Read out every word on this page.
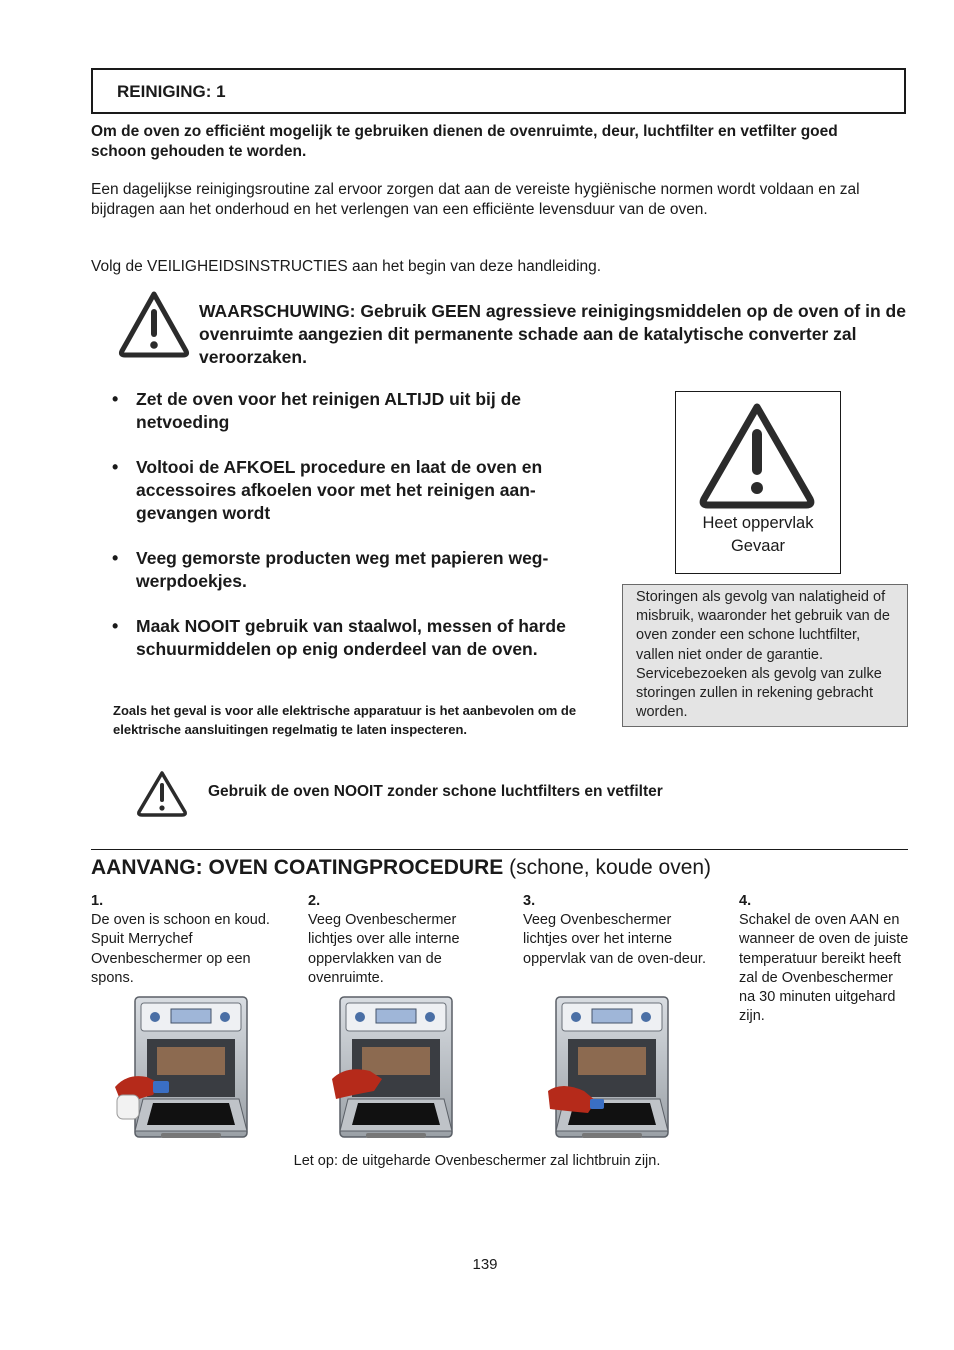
REINIGING: 1
Om de oven zo efficiënt mogelijk te gebruiken dienen de ovenruimte, deur, luchtfilter en vetfilter goed schoon gehouden te worden.
Een dagelijkse reinigingsroutine zal ervoor zorgen dat aan de vereiste hygiënische normen wordt voldaan en zal bijdragen aan het onderhoud en het verlengen van een efficiënte levensduur van de oven.
Volg de VEILIGHEIDSINSTRUCTIES aan het begin van deze handleiding.
WAARSCHUWING: Gebruik GEEN agressieve reinigingsmiddelen op de oven of in de ovenruimte aangezien dit permanente schade aan de katalytische converter zal veroorzaken.
• Zet de oven voor het reinigen ALTIJD uit bij de netvoeding
• Voltooi de AFKOEL procedure en laat de oven en accessoires afkoelen voor met het reinigen aan-gevangen wordt
• Veeg gemorste producten weg met papieren weg-werpdoekjes.
• Maak NOOIT gebruik van staalwol, messen of harde schuurmiddelen op enig onderdeel van de oven.
Zoals het geval is voor alle elektrische apparatuur is het aanbevolen om de elektrische aansluitingen regelmatig te laten inspecteren.
Heet oppervlak
Gevaar
Storingen als gevolg van nalatigheid of misbruik, waaronder het gebruik van de oven zonder een schone luchtfilter, vallen niet onder de garantie. Servicebezoeken als gevolg van zulke storingen zullen in rekening gebracht worden.
Gebruik de oven NOOIT zonder schone luchtfilters en vetfilter
AANVANG: OVEN COATINGPROCEDURE (schone, koude oven)
1.
De oven is schoon en koud. Spuit Merrychef Ovenbeschermer op een spons.
2.
Veeg Ovenbeschermer lichtjes over alle interne oppervlakken van de ovenruimte.
3.
Veeg Ovenbeschermer lichtjes over het interne oppervlak van de oven-deur.
4.
Schakel de oven AAN en wanneer de oven de juiste temperatuur bereikt heeft zal de Ovenbeschermer na 30 minuten uitgehard zijn.
Let op: de uitgeharde Ovenbeschermer zal lichtbruin zijn.
139
